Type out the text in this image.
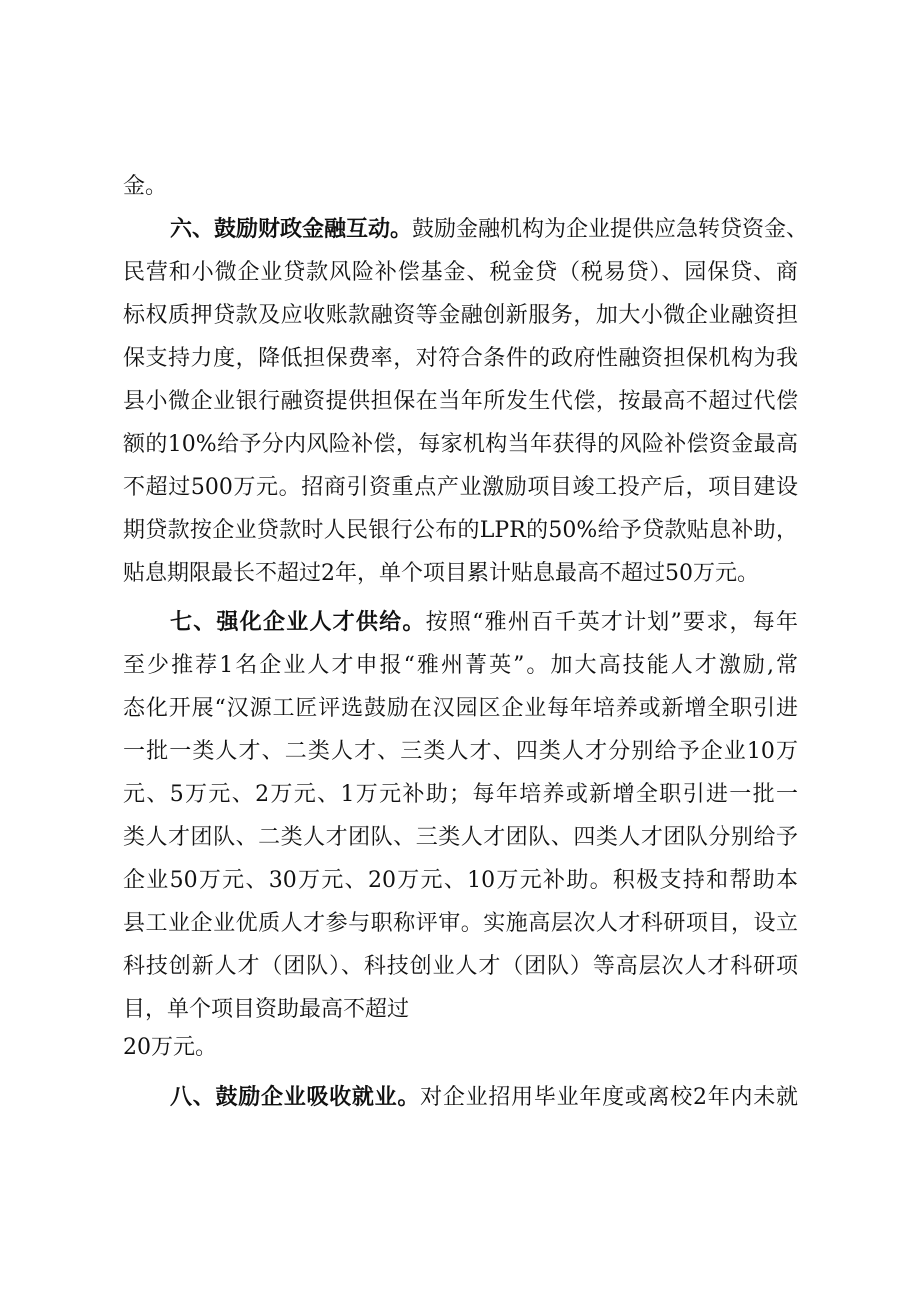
金。
六、鼓励财政金融互动。鼓励金融机构为企业提供应急转贷资金、
民营和小微企业贷款风险补偿基金、税金贷（税易贷）、园保贷、商
标权质押贷款及应收账款融资等金融创新服务，加大小微企业融资担
保支持力度，降低担保费率，对符合条件的政府性融资担保机构为我
县小微企业银行融资提供担保在当年所发生代偿，按最高不超过代偿
额的10%给予分内风险补偿，每家机构当年获得的风险补偿资金最高
不超过500万元。招商引资重点产业激励项目竣工投产后，项目建设
期贷款按企业贷款时人民银行公布的LPR的50%给予贷款贴息补助，
贴息期限最长不超过2年，单个项目累计贴息最高不超过50万元。
七、强化企业人才供给。按照“雅州百千英才计划”要求，每年
至少推荐1名企业人才申报“雅州菁英”。加大高技能人才激励,常
态化开展“汉源工匠评选鼓励在汉园区企业每年培养或新增全职引进
一批一类人才、二类人才、三类人才、四类人才分别给予企业10万
元、5万元、2万元、1万元补助；每年培养或新增全职引进一批一
类人才团队、二类人才团队、三类人才团队、四类人才团队分别给予
企业50万元、30万元、20万元、10万元补助。积极支持和帮助本
县工业企业优质人才参与职称评审。实施高层次人才科研项目，设立
科技创新人才（团队）、科技创业人才（团队）等高层次人才科研项
目，单个项目资助最高不超过
20万元。
八、鼓励企业吸收就业。对企业招用毕业年度或离校2年内未就
